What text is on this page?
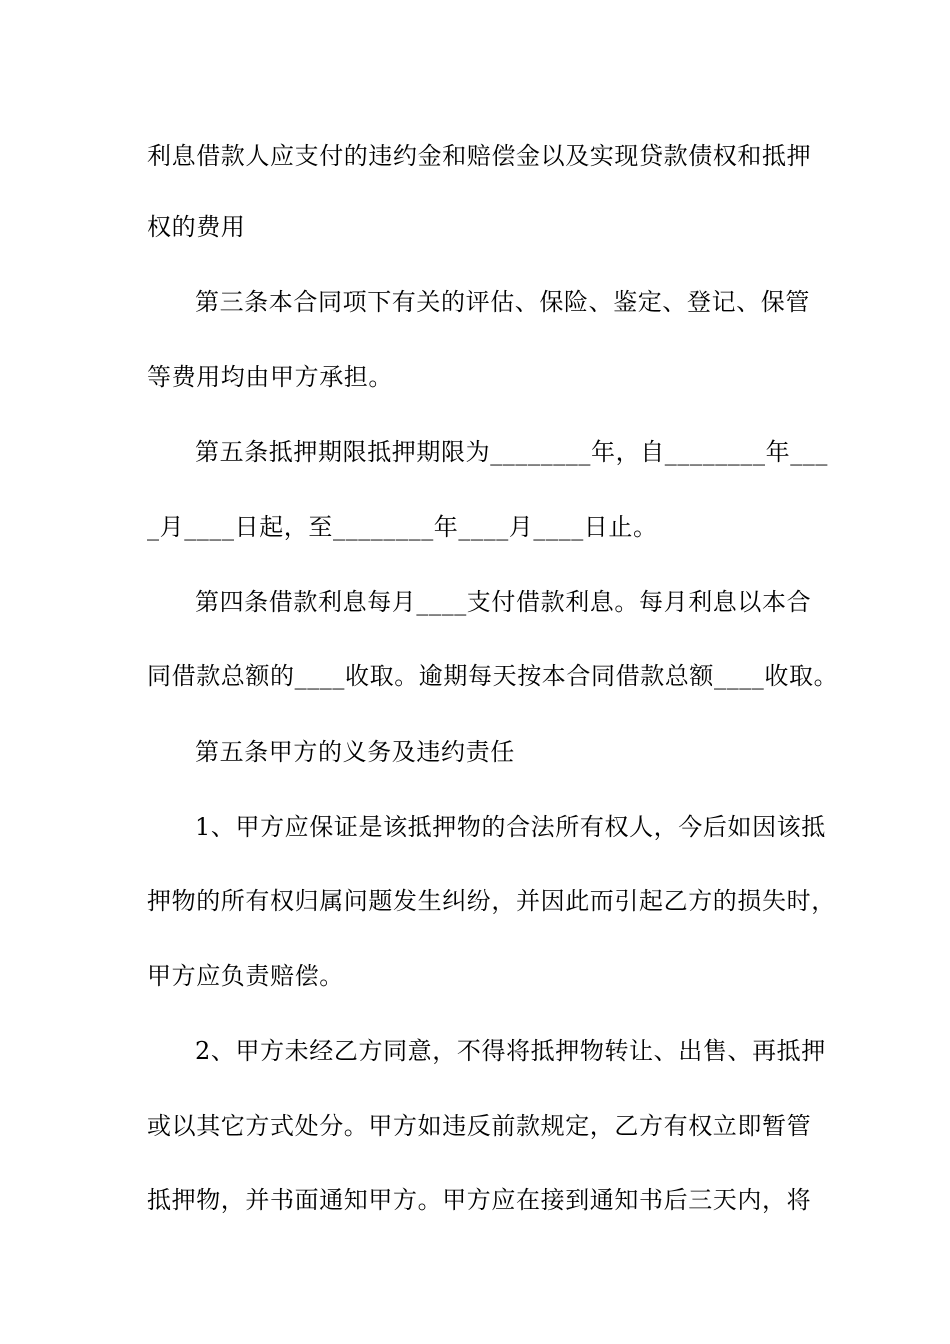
利息借款人应支付的违约金和赔偿金以及实现贷款债权和抵押
权的费用
第三条本合同项下有关的评估、保险、鉴定、登记、保管
等费用均由甲方承担。
第五条抵押期限抵押期限为________年，自________年___
_月____日起，至________年____月____日止。
第四条借款利息每月____支付借款利息。每月利息以本合
同借款总额的____收取。逾期每天按本合同借款总额____收取。
第五条甲方的义务及违约责任
1、甲方应保证是该抵押物的合法所有权人，今后如因该抵
押物的所有权归属问题发生纠纷，并因此而引起乙方的损失时，
甲方应负责赔偿。
2、甲方未经乙方同意，不得将抵押物转让、出售、再抵押
或以其它方式处分。甲方如违反前款规定，乙方有权立即暂管
抵押物，并书面通知甲方。甲方应在接到通知书后三天内，将
